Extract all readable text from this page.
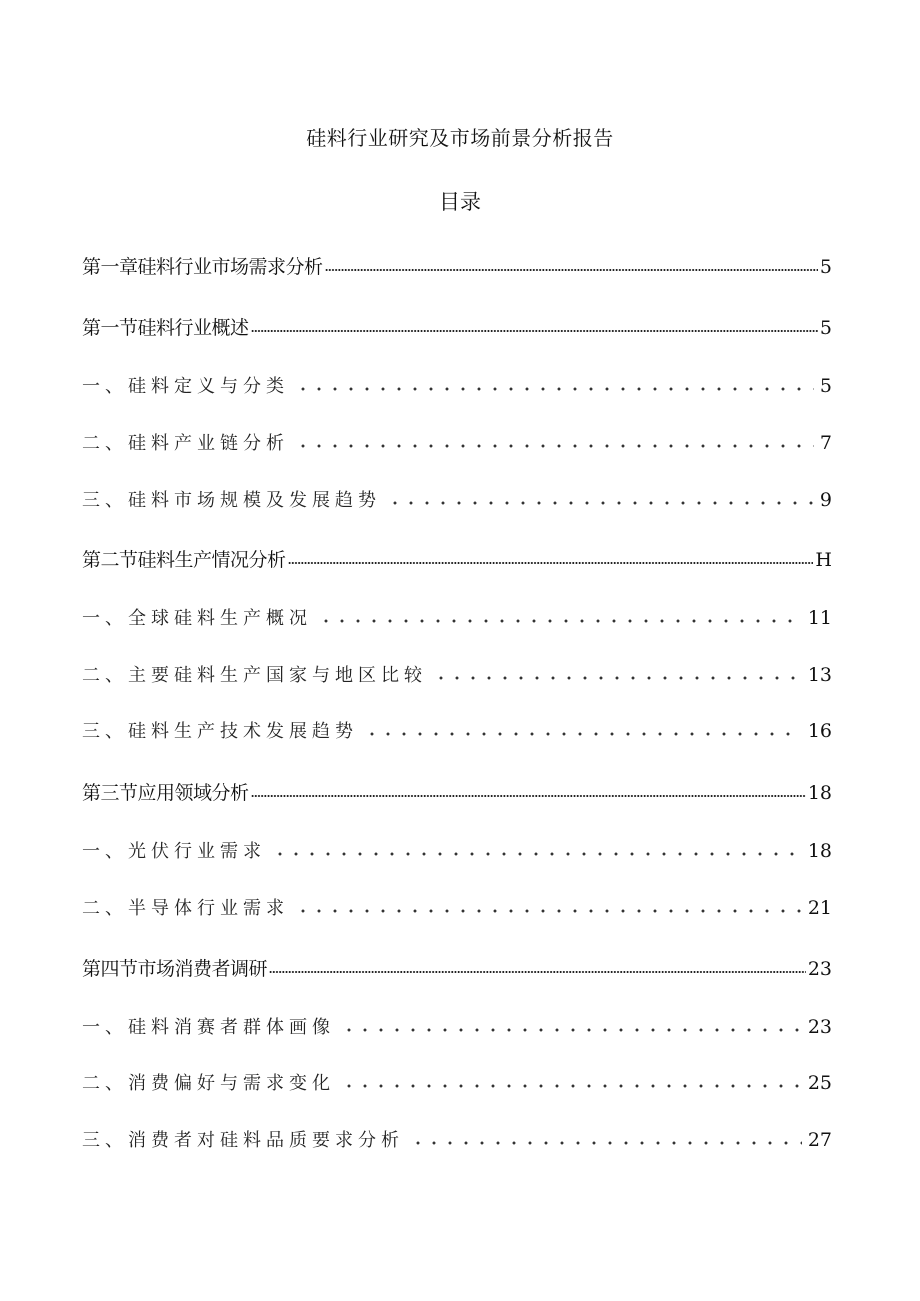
硅料行业研究及市场前景分析报告
目录
第一章硅料行业市场需求分析	5
第一节硅料行业概述	5
一、硅料定义与分类	5
二、硅料产业链分析	7
三、硅料市场规模及发展趋势	9
第二节硅料生产情况分析	H
一、全球硅料生产概况	11
二、主要硅料生产国家与地区比较	13
三、硅料生产技术发展趋势	16
第三节应用领域分析	18
一、光伏行业需求	18
二、半导体行业需求	21
第四节市场消费者调研	23
一、硅料消赛者群体画像	23
二、消费偏好与需求变化	25
三、消费者对硅料品质要求分析	27
